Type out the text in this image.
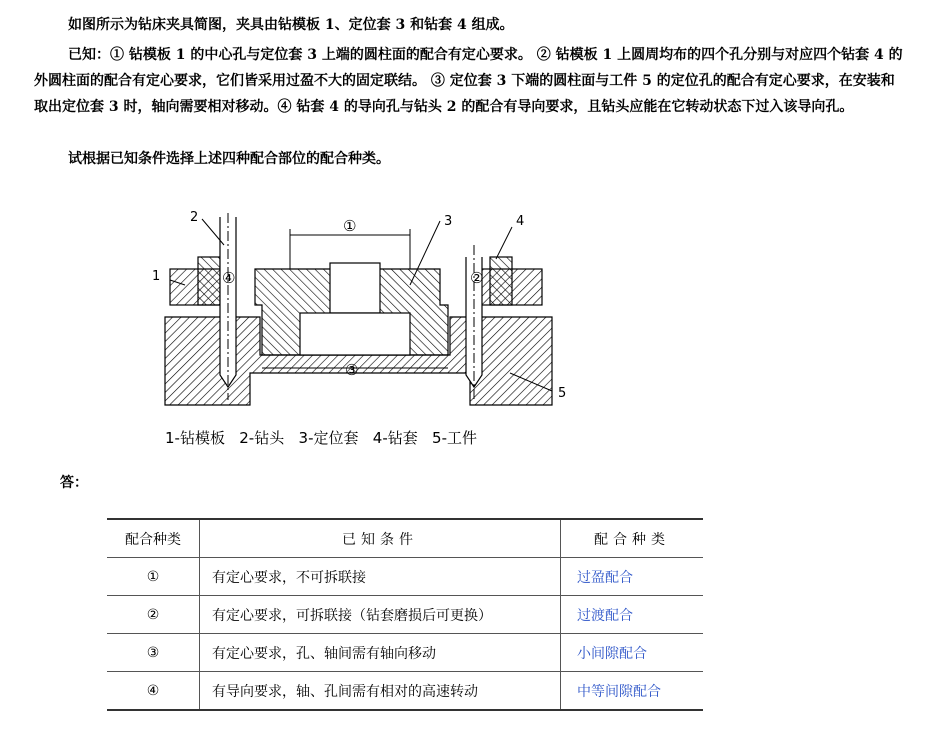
如图所示为钻床夹具简图，夹具由钻模板 1、定位套 3 和钻套 4 组成。

已知：① 钻模板 1 的中心孔与定位套 3 上端的圆柱面的配合有定心要求。 ② 钻模板 1 上圆周均布的四个孔分别与对应四个钻套 4 的外圆柱面的配合有定心要求，它们皆采用过盈不大的固定联结。 ③ 定位套 3 下端的圆柱面与工件 5 的定位孔的配合有定心要求，在安装和取出定位套 3 时，轴向需要相对移动。④ 钻套 4 的导向孔与钻头 2 的配合有导向要求，且钻头应能在它转动状态下过入该导向孔。

试根据已知条件选择上述四种配合部位的配合种类。

1
2	3	4
5
①
②
③
④
1-钻模板   2-钻头   3-定位套   4-钻套   5-工件
答：
配合种类	已知条件	配合种类
①	有定心要求，不可拆联接	过盈配合
②	有定心要求，可拆联接（钻套磨损后可更换）	过渡配合
③	有定心要求，孔、轴间需有轴向移动	小间隙配合
④	有导向要求，轴、孔间需有相对的高速转动	中等间隙配合
